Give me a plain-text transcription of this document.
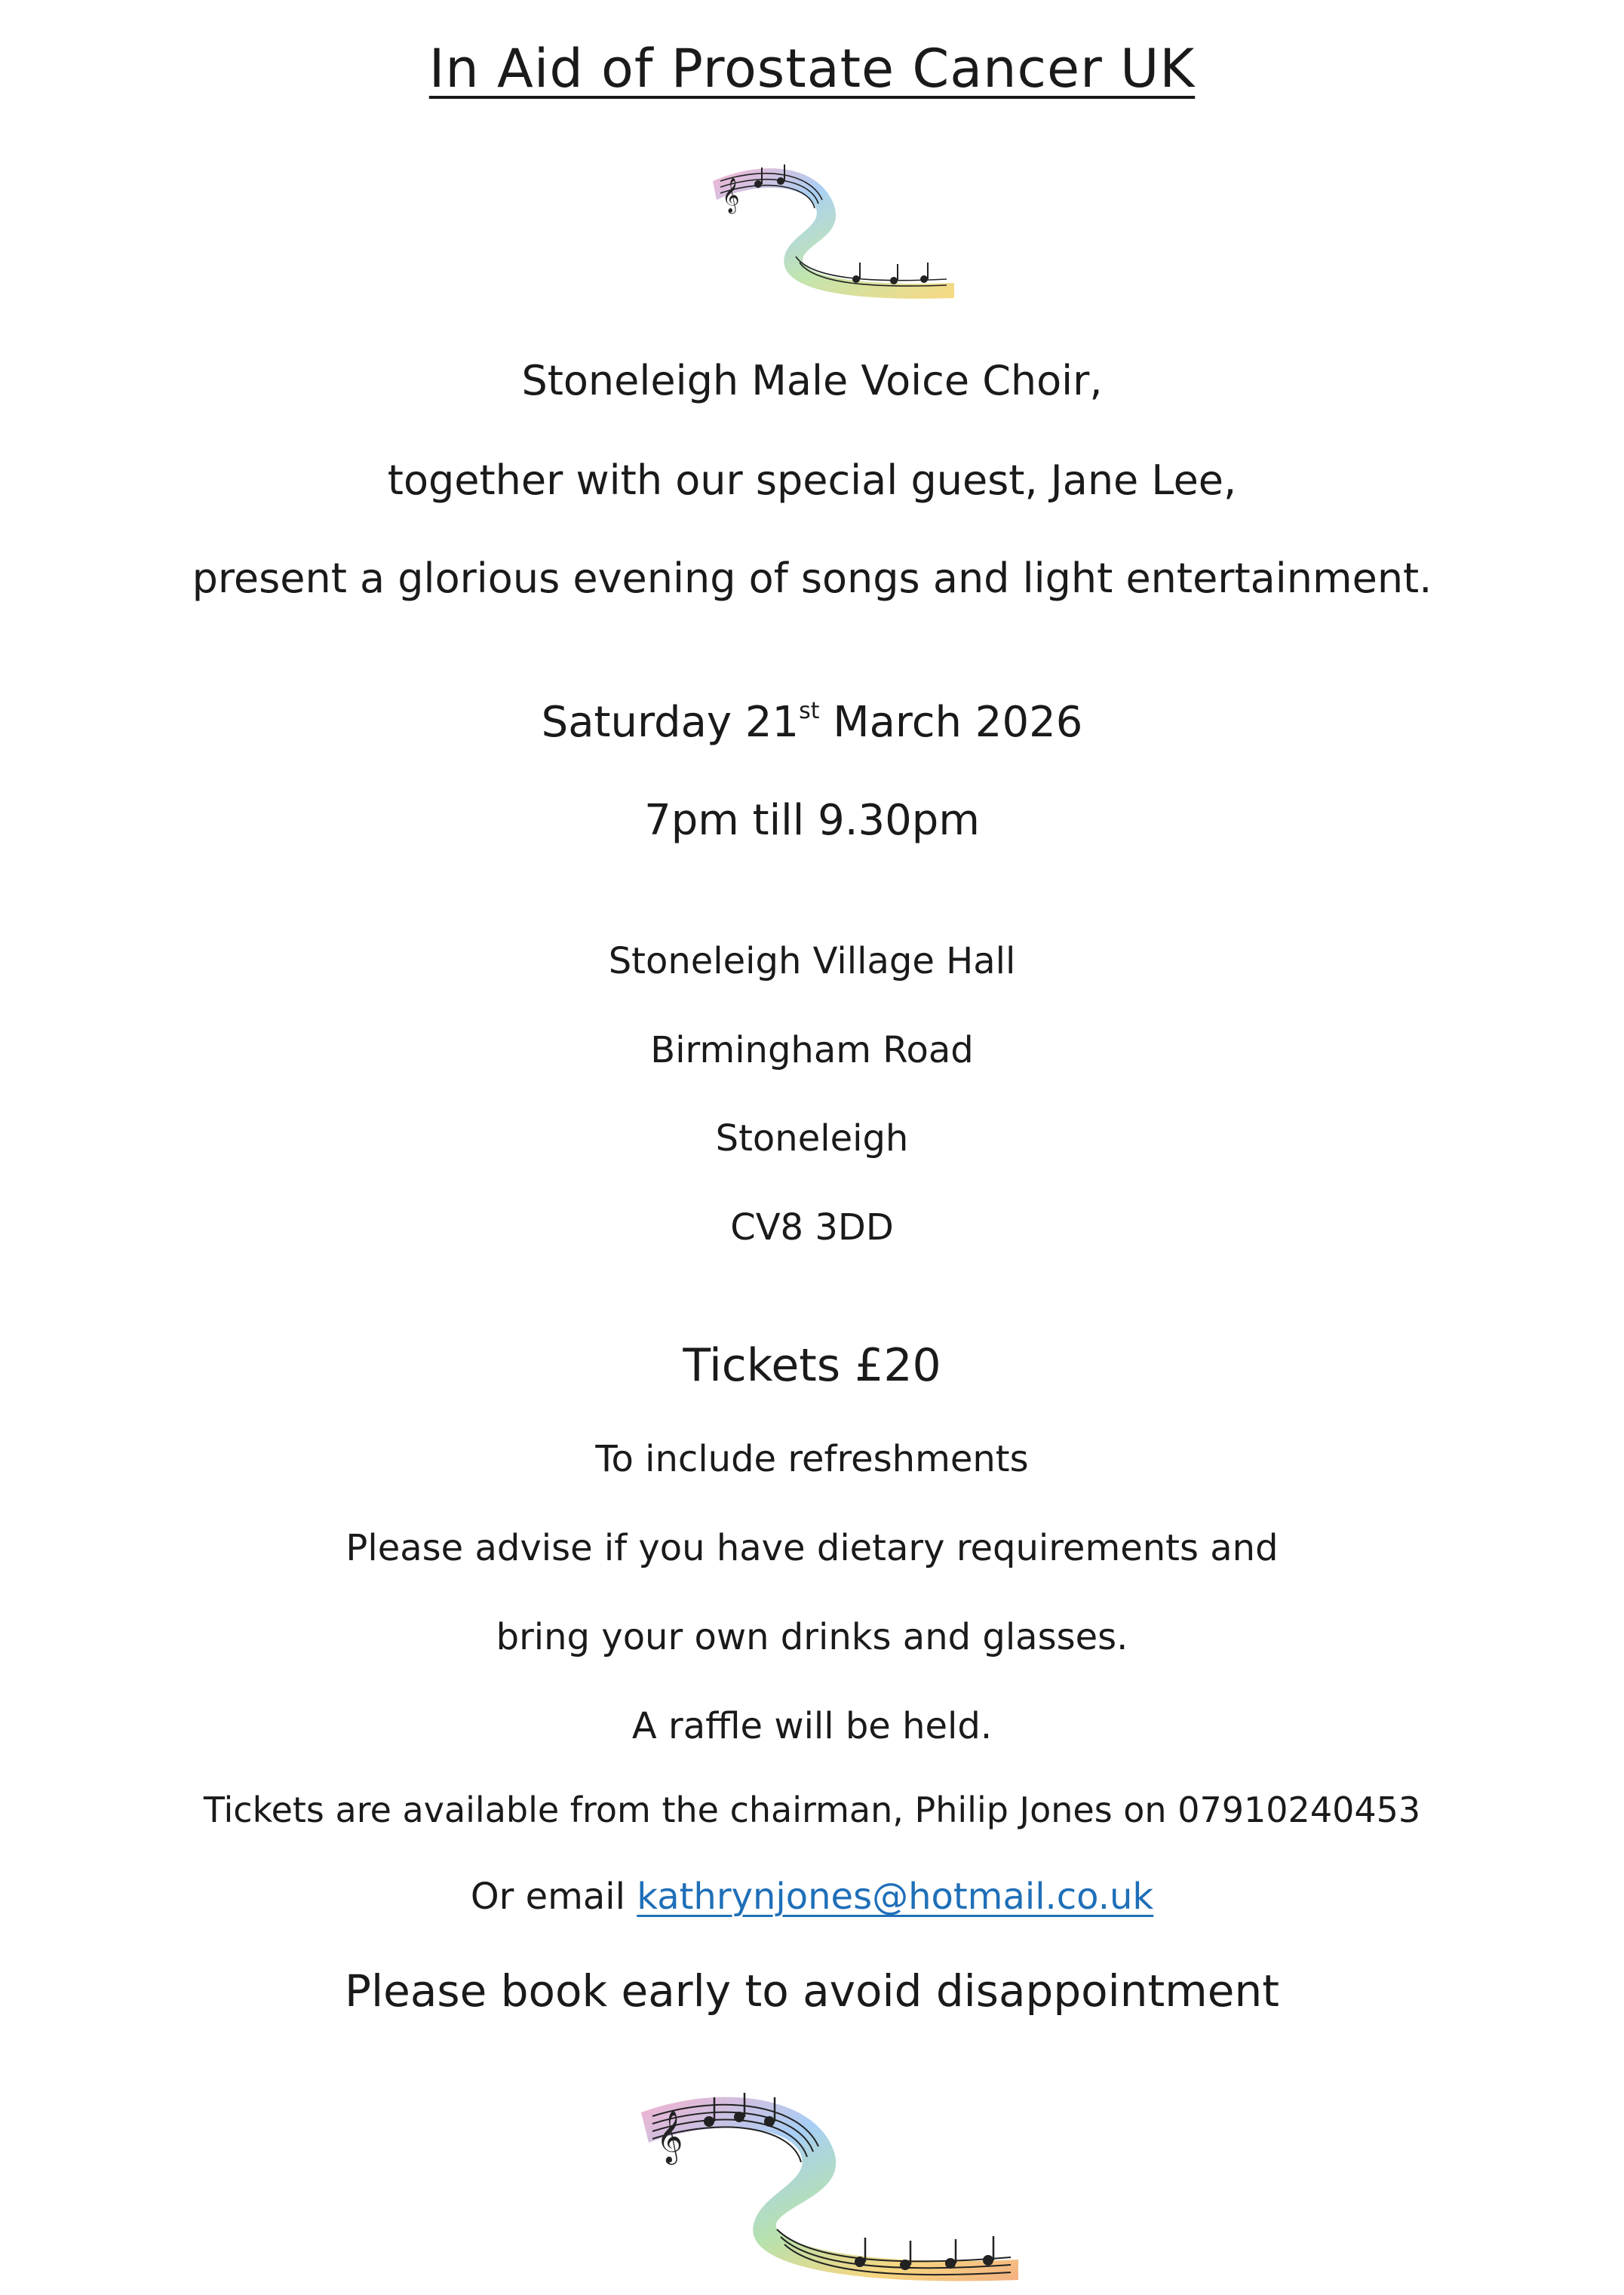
In Aid of Prostate Cancer UK
𝄞
Stoneleigh Male Voice Choir,
together with our special guest, Jane Lee,
present a glorious evening of songs and light entertainment.
Saturday 21st March 2026
7pm till 9.30pm
Stoneleigh Village Hall
Birmingham Road
Stoneleigh
CV8 3DD
Tickets £20
To include refreshments
Please advise if you have dietary requirements and
bring your own drinks and glasses.
A raffle will be held.
Tickets are available from the chairman, Philip Jones on 07910240453
Or email kathrynjones@hotmail.co.uk
Please book early to avoid disappointment
𝄞
